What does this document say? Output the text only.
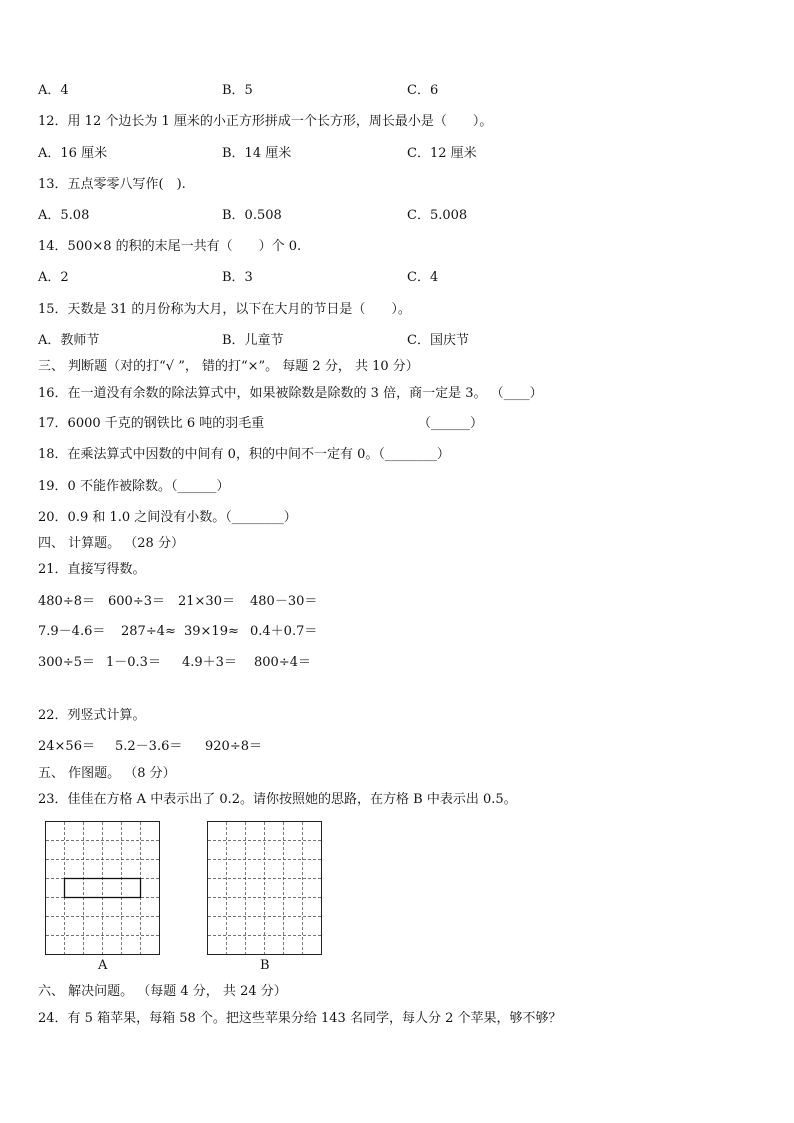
A．4	B．5	C．6
12．用 12 个边长为 1 厘米的小正方形拼成一个长方形，周长最小是（　　）。
A．16 厘米	B．14 厘米	C．12 厘米
13．五点零零八写作(　).
A．5.08	B．0.508	C．5.008
14．500×8 的积的末尾一共有（　　）个 0.
A．2	B．3	C．4
15．天数是 31 的月份称为大月，以下在大月的节日是（　　）。
A．教师节	B．儿童节	C．国庆节
三、 判断题（对的打“√ ”， 错的打“×”。 每题 2 分， 共 10 分）
16．在一道没有余数的除法算式中，如果被除数是除数的 3 倍，商一定是 3。 （____）
17．6000 千克的钢铁比 6 吨的羽毛重	（______）
18．在乘法算式中因数的中间有 0，积的中间不一定有 0。（________）
19．0 不能作被除数。（______）
20．0.9 和 1.0 之间没有小数。（________）
四、 计算题。 （28 分）
21．直接写得数。
480÷8＝ 600÷3＝ 21×30＝ 480－30＝
7.9－4.6＝ 287÷4≈ 39×19≈ 0.4＋0.7＝
300÷5＝ 1－0.3＝ 4.9＋3＝ 800÷4＝
22．列竖式计算。
24×56＝ 5.2－3.6＝ 920÷8＝
五、 作图题。 （8 分）
23．佳佳在方格 A 中表示出了 0.2。请你按照她的思路，在方格 B 中表示出 0.5。
A	B
六、 解决问题。 （每题 4 分， 共 24 分）
24．有 5 箱苹果，每箱 58 个。把这些苹果分给 143 名同学，每人分 2 个苹果，够不够？
